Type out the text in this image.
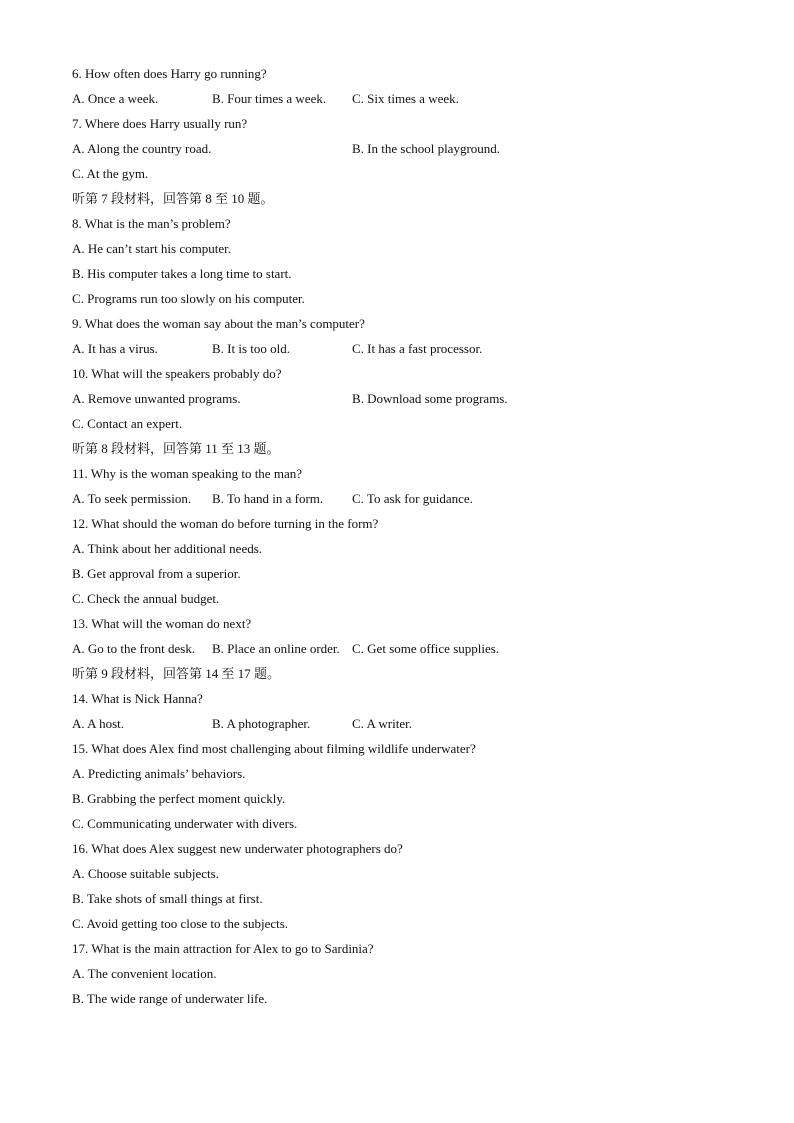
6. How often does Harry go running?
A. Once a week.	B. Four times a week. C. Six times a week.
7. Where does Harry usually run?
A. Along the country road.	B. In the school playground.
C. At the gym.
听第 7 段材料，回答第 8 至 10 题。
8. What is the man’s problem?
A. He can’t start his computer.
B. His computer takes a long time to start.
C. Programs run too slowly on his computer.
9. What does the woman say about the man’s computer?
A. It has a virus.	B. It is too old.	C. It has a fast processor.
10. What will the speakers probably do?
A. Remove unwanted programs.	B. Download some programs.
C. Contact an expert.
听第 8 段材料，回答第 11 至 13 题。
11. Why is the woman speaking to the man?
A. To seek permission. B. To hand in a form. C. To ask for guidance.
12. What should the woman do before turning in the form?
A. Think about her additional needs.
B. Get approval from a superior.
C. Check the annual budget.
13. What will the woman do next?
A. Go to the front desk. B. Place an online order. C. Get some office supplies.
听第 9 段材料，回答第 14 至 17 题。
14. What is Nick Hanna?
A. A host.	B. A photographer.	C. A writer.
15. What does Alex find most challenging about filming wildlife underwater?
A. Predicting animals’ behaviors.
B. Grabbing the perfect moment quickly.
C. Communicating underwater with divers.
16. What does Alex suggest new underwater photographers do?
A. Choose suitable subjects.
B. Take shots of small things at first.
C. Avoid getting too close to the subjects.
17. What is the main attraction for Alex to go to Sardinia?
A. The convenient location.
B. The wide range of underwater life.
